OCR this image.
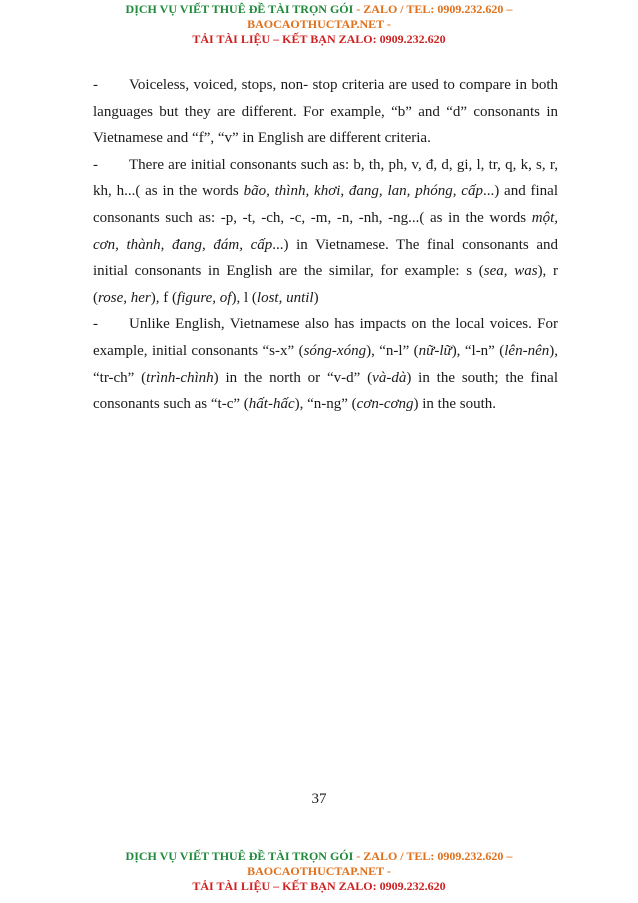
DỊCH VỤ VIẾT THUÊ ĐỀ TÀI TRỌN GÓI - ZALO / TEL: 0909.232.620 –
BAOCAOTHUCTAP.NET -
TẢI TÀI LIỆU – KẾT BẠN ZALO: 0909.232.620

- Voiceless, voiced, stops, non- stop criteria are used to compare in both languages but they are different. For example, “b” and “d” consonants in Vietnamese and “f”, “v” in English are different criteria.

- There are initial consonants such as: b, th, ph, v, đ, d, gi, l, tr, q, k, s, r, kh, h...( as in the words bão, thình, khơi, đang, lan, phóng, cấp...) and final consonants such as: -p, -t, -ch, -c, -m, -n, -nh, -ng...( as in the words một, cơn, thành, đang, đám, cấp...) in Vietnamese. The final consonants and initial consonants in English are the similar, for example: s (sea, was), r (rose, her), f (figure, of), l (lost, until)

- Unlike English, Vietnamese also has impacts on the local voices. For example, initial consonants “s-x” (sóng-xóng), “n-l” (nữ-lữ), “l-n” (lên-nên), “tr-ch” (trình-chình) in the north or “v-d” (và-dà) in the south; the final consonants such as “t-c” (hất-hấc), “n-ng” (cơn-cơng) in the south.

37
DỊCH VỤ VIẾT THUÊ ĐỀ TÀI TRỌN GÓI - ZALO / TEL: 0909.232.620 –
BAOCAOTHUCTAP.NET -
TẢI TÀI LIỆU – KẾT BẠN ZALO: 0909.232.620
